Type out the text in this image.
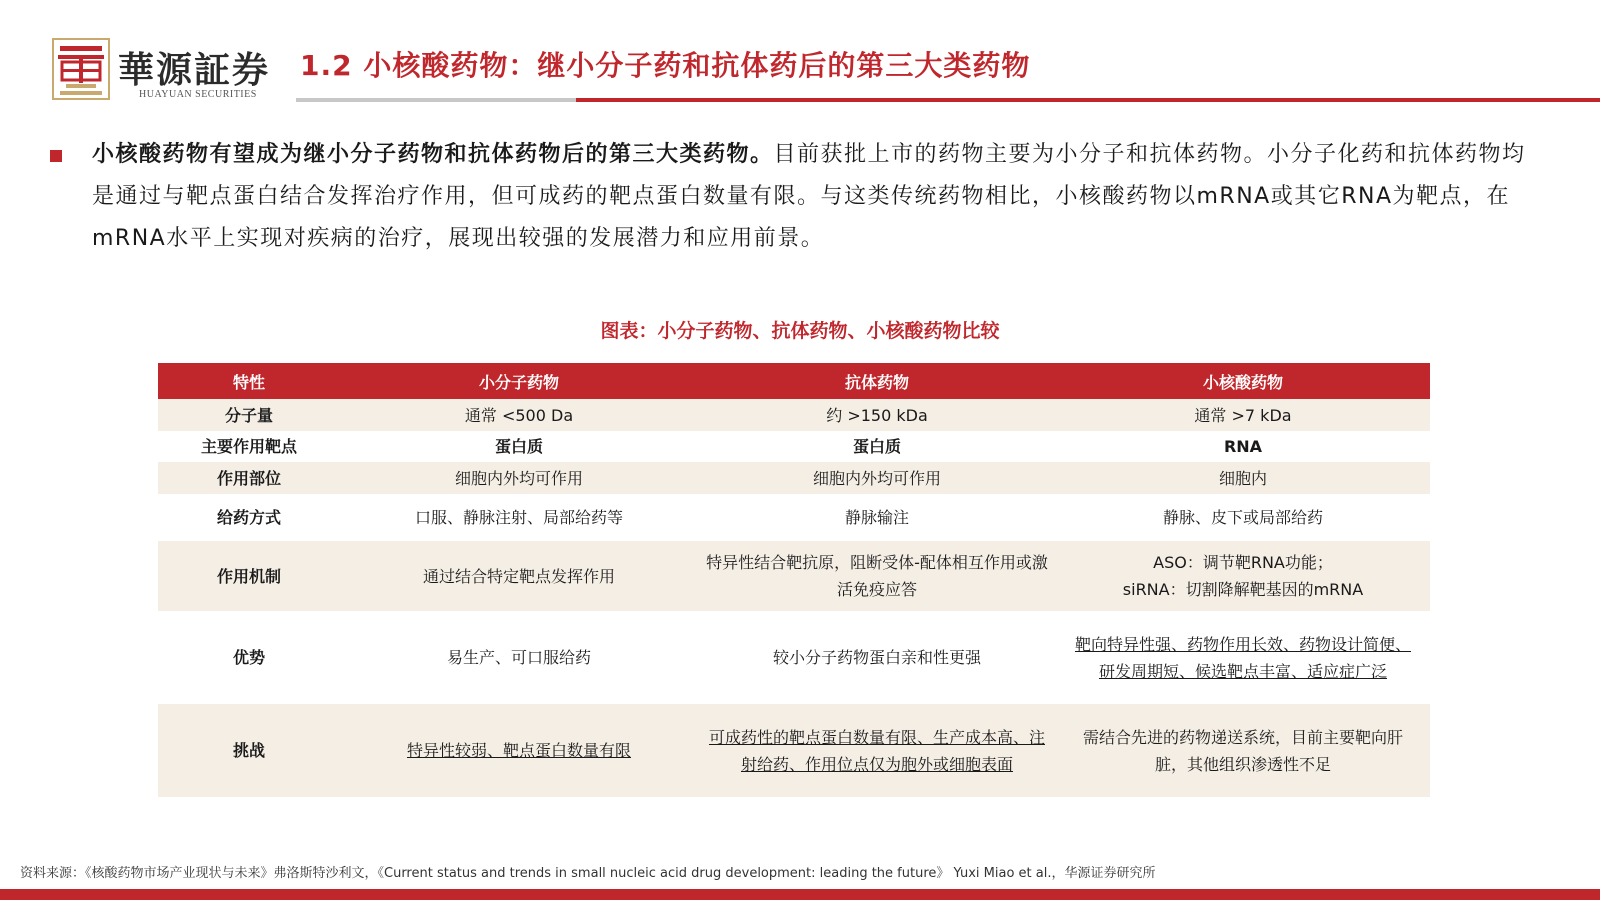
華源証券
HUAYUAN SECURITIES
1.2 小核酸药物：继小分子药和抗体药后的第三大类药物
小核酸药物有望成为继小分子药物和抗体药物后的第三大类药物。目前获批上市的药物主要为小分子和抗体药物。小分子化药和抗体药物均是通过与靶点蛋白结合发挥治疗作用，但可成药的靶点蛋白数量有限。与这类传统药物相比，小核酸药物以mRNA或其它RNA为靶点，在mRNA水平上实现对疾病的治疗，展现出较强的发展潜力和应用前景。
图表：小分子药物、抗体药物、小核酸药物比较
特性	小分子药物	抗体药物	小核酸药物
分子量	通常 <500 Da	约 >150 kDa	通常 >7 kDa
主要作用靶点	蛋白质	蛋白质	RNA
作用部位	细胞内外均可作用	细胞内外均可作用	细胞内
给药方式	口服、静脉注射、局部给药等	静脉输注	静脉、皮下或局部给药
作用机制	通过结合特定靶点发挥作用	特异性结合靶抗原，阻断受体-配体相互作用或激活免疫应答	ASO：调节靶RNA功能；
siRNA：切割降解靶基因的mRNA

优势	易生产、可口服给药	较小分子药物蛋白亲和性更强	靶向特异性强、药物作用长效、药物设计简便、研发周期短、候选靶点丰富、适应症广泛
挑战	特异性较弱、靶点蛋白数量有限	可成药性的靶点蛋白数量有限、生产成本高、注射给药、作用位点仅为胞外或细胞表面	需结合先进的药物递送系统，目前主要靶向肝脏，其他组织渗透性不足
资料来源：《核酸药物市场产业现状与未来》弗洛斯特沙利文，《Current status and trends in small nucleic acid drug development: leading the future》 Yuxi Miao et al.，华源证券研究所
